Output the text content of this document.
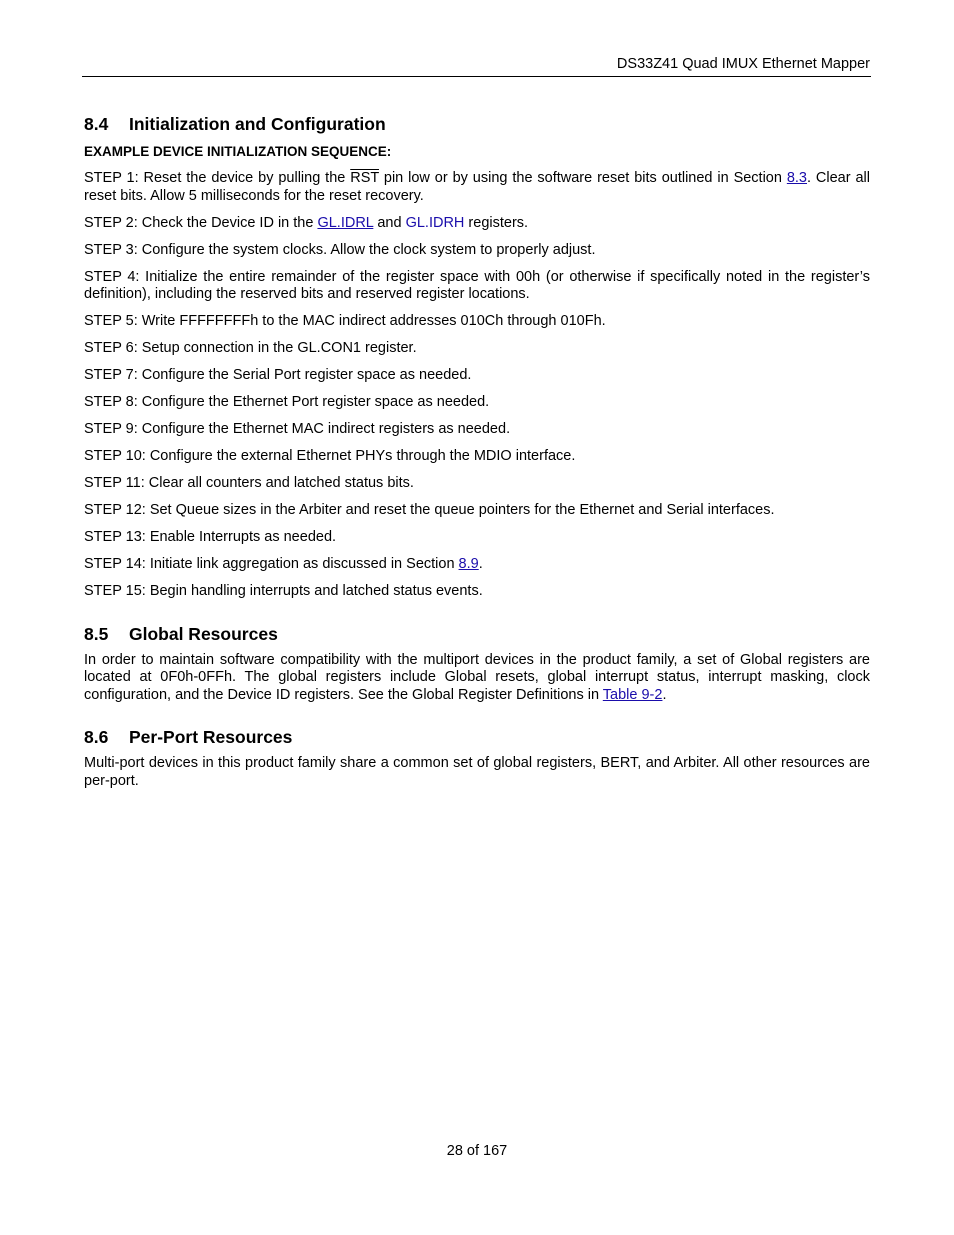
DS33Z41 Quad IMUX Ethernet Mapper
8.4 Initialization and Configuration
EXAMPLE DEVICE INITIALIZATION SEQUENCE:

STEP 1: Reset the device by pulling the $\overline{RST}$ pin low or by using the software reset bits outlined in Section 8.3. Clear all reset bits. Allow 5 milliseconds for the reset recovery.

STEP 2: Check the Device ID in the GL.IDRL and GL.IDRH registers.

STEP 3: Configure the system clocks. Allow the clock system to properly adjust.

STEP 4: Initialize the entire remainder of the register space with 00h (or otherwise if specifically noted in the register’s definition), including the reserved bits and reserved register locations.

STEP 5: Write FFFFFFFFh to the MAC indirect addresses 010Ch through 010Fh.

STEP 6: Setup connection in the GL.CON1 register.

STEP 7: Configure the Serial Port register space as needed.

STEP 8: Configure the Ethernet Port register space as needed.

STEP 9: Configure the Ethernet MAC indirect registers as needed.

STEP 10: Configure the external Ethernet PHYs through the MDIO interface.

STEP 11: Clear all counters and latched status bits.

STEP 12: Set Queue sizes in the Arbiter and reset the queue pointers for the Ethernet and Serial interfaces.

STEP 13: Enable Interrupts as needed.

STEP 14: Initiate link aggregation as discussed in Section 8.9.

STEP 15: Begin handling interrupts and latched status events.

8.5 Global Resources

In order to maintain software compatibility with the multiport devices in the product family, a set of Global registers are located at 0F0h-0FFh. The global registers include Global resets, global interrupt status, interrupt masking, clock configuration, and the Device ID registers. See the Global Register Definitions in Table 9-2.

8.6 Per-Port Resources

Multi-port devices in this product family share a common set of global registers, BERT, and Arbiter. All other resources are per-port.

28 of 167
